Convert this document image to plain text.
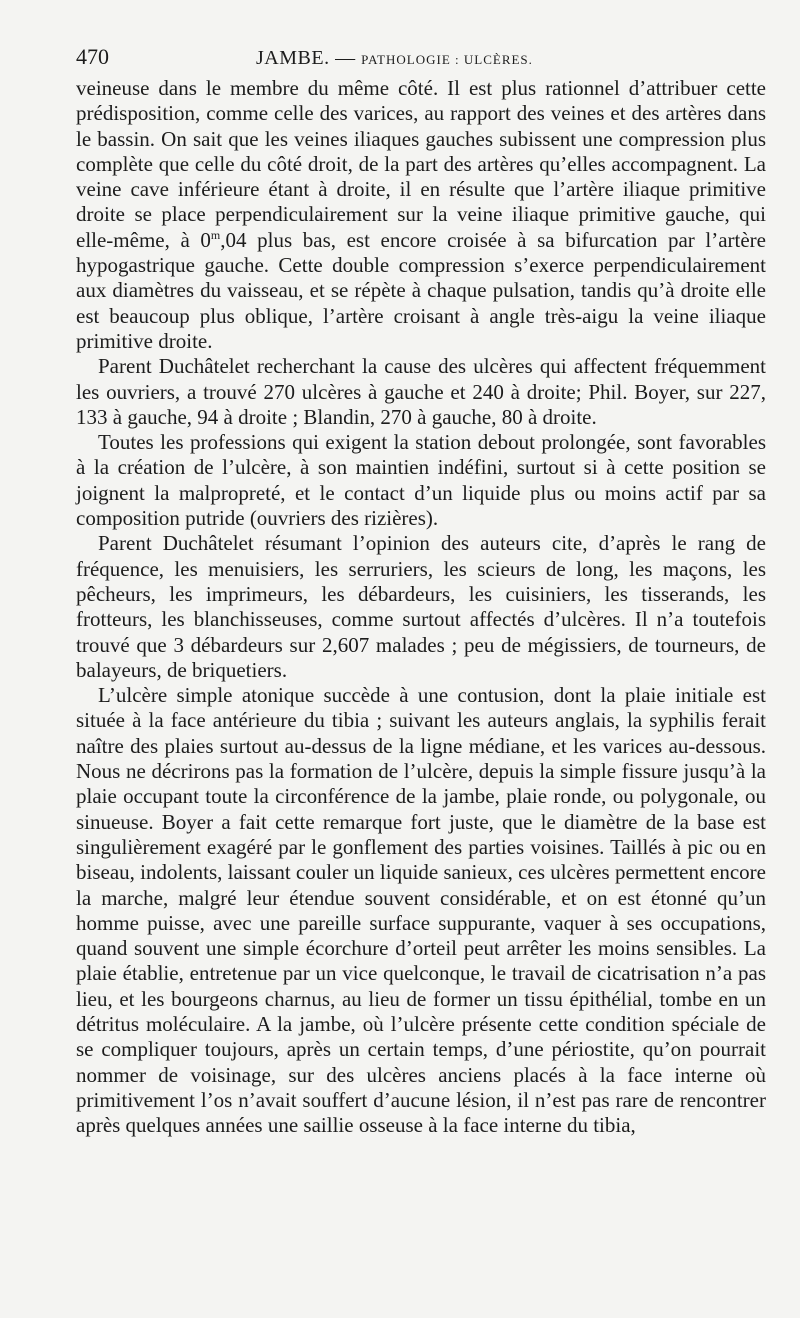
470	JAMBE. — PATHOLOGIE : ULCÈRES.

veineuse dans le membre du même côté. Il est plus rationnel d’attribuer cette prédisposition, comme celle des varices, au rapport des veines et des artères dans le bassin. On sait que les veines iliaques gauches subissent une compression plus complète que celle du côté droit, de la part des artères qu’elles accompagnent. La veine cave inférieure étant à droite, il en résulte que l’artère iliaque primitive droite se place perpendiculairement sur la veine iliaque primitive gauche, qui elle-même, à 0$^m$,04 plus bas, est encore croisée à sa bifurcation par l’artère hypogastrique gauche. Cette double compression s’exerce perpendiculairement aux diamètres du vaisseau, et se répète à chaque pulsation, tandis qu’à droite elle est beaucoup plus oblique, l’artère croisant à angle très-aigu la veine iliaque primitive droite.

Parent Duchâtelet recherchant la cause des ulcères qui affectent fréquemment les ouvriers, a trouvé 270 ulcères à gauche et 240 à droite; Phil. Boyer, sur 227, 133 à gauche, 94 à droite ; Blandin, 270 à gauche, 80 à droite.

Toutes les professions qui exigent la station debout prolongée, sont favorables à la création de l’ulcère, à son maintien indéfini, surtout si à cette position se joignent la malpropreté, et le contact d’un liquide plus ou moins actif par sa composition putride (ouvriers des rizières).

Parent Duchâtelet résumant l’opinion des auteurs cite, d’après le rang de fréquence, les menuisiers, les serruriers, les scieurs de long, les maçons, les pêcheurs, les imprimeurs, les débardeurs, les cuisiniers, les tisserands, les frotteurs, les blanchisseuses, comme surtout affectés d’ulcères. Il n’a toutefois trouvé que 3 débardeurs sur 2,607 malades ; peu de mégissiers, de tourneurs, de balayeurs, de briquetiers.

L’ulcère simple atonique succède à une contusion, dont la plaie initiale est située à la face antérieure du tibia ; suivant les auteurs anglais, la syphilis ferait naître des plaies surtout au-dessus de la ligne médiane, et les varices au-dessous. Nous ne décrirons pas la formation de l’ulcère, depuis la simple fissure jusqu’à la plaie occupant toute la circonférence de la jambe, plaie ronde, ou polygonale, ou sinueuse. Boyer a fait cette remarque fort juste, que le diamètre de la base est singulièrement exagéré par le gonflement des parties voisines. Taillés à pic ou en biseau, indolents, laissant couler un liquide sanieux, ces ulcères permettent encore la marche, malgré leur étendue souvent considérable, et on est étonné qu’un homme puisse, avec une pareille surface suppurante, vaquer à ses occupations, quand souvent une simple écorchure d’orteil peut arrêter les moins sensibles. La plaie établie, entretenue par un vice quelconque, le travail de cicatrisation n’a pas lieu, et les bourgeons charnus, au lieu de former un tissu épithélial, tombe en un détritus moléculaire. A la jambe, où l’ulcère présente cette condition spéciale de se compliquer toujours, après un certain temps, d’une périostite, qu’on pourrait nommer de voisinage, sur des ulcères anciens placés à la face interne où primitivement l’os n’avait souffert d’aucune lésion, il n’est pas rare de rencontrer après quelques années une saillie osseuse à la face interne du tibia,
